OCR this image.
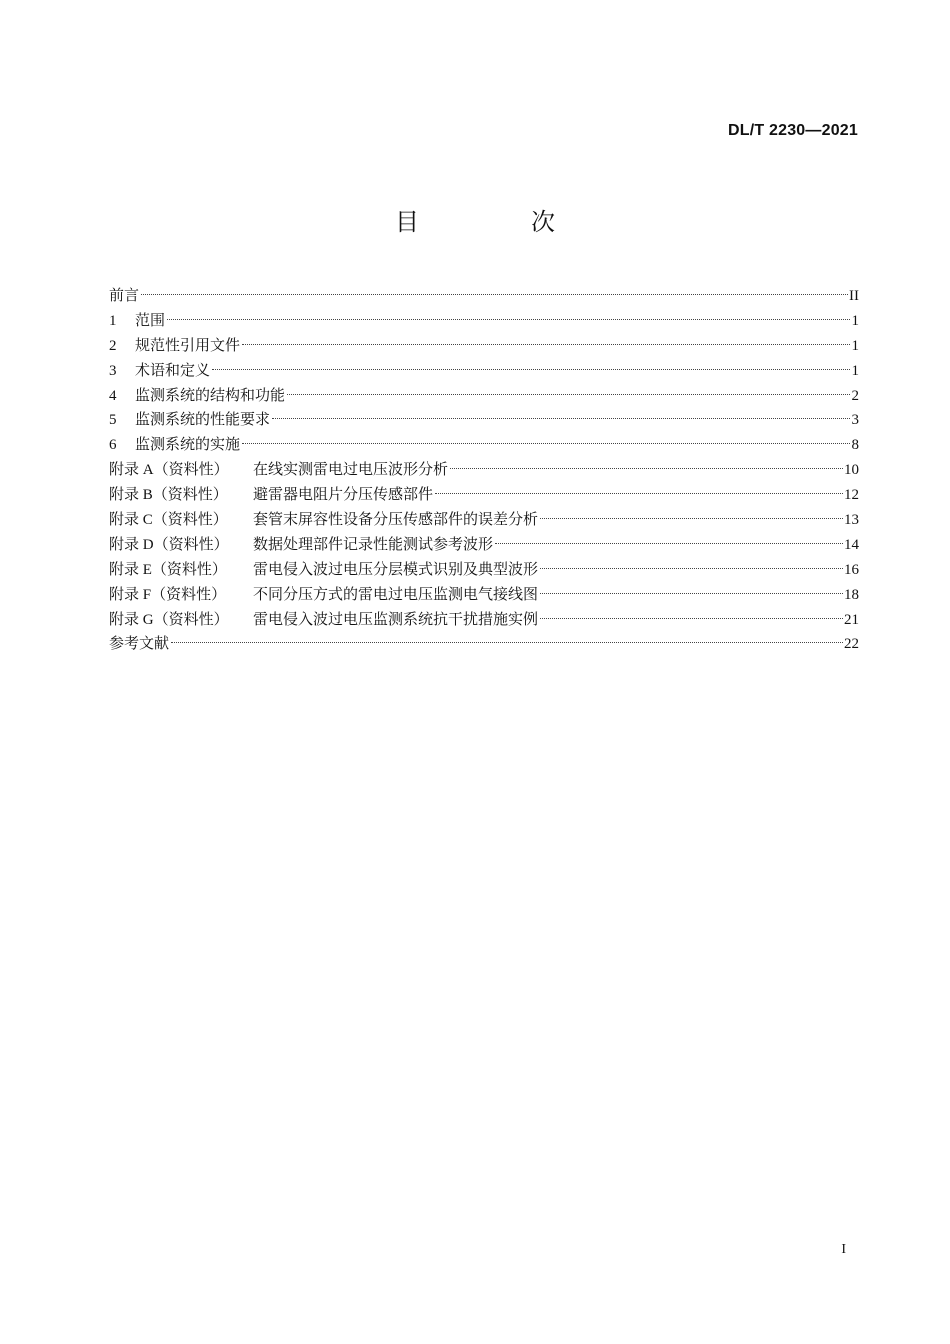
DL/T 2230—2021
目　次
前言	II
1	范围	1
2	规范性引用文件	1
3	术语和定义	1
4	监测系统的结构和功能	2
5	监测系统的性能要求	3
6	监测系统的实施	8
附录 A（资料性）	在线实测雷电过电压波形分析	10
附录 B（资料性）	避雷器电阻片分压传感部件	12
附录 C（资料性）	套管末屏容性设备分压传感部件的误差分析	13
附录 D（资料性）	数据处理部件记录性能测试参考波形	14
附录 E（资料性）	雷电侵入波过电压分层模式识别及典型波形	16
附录 F（资料性）	不同分压方式的雷电过电压监测电气接线图	18
附录 G（资料性）	雷电侵入波过电压监测系统抗干扰措施实例	21
参考文献	22
I
